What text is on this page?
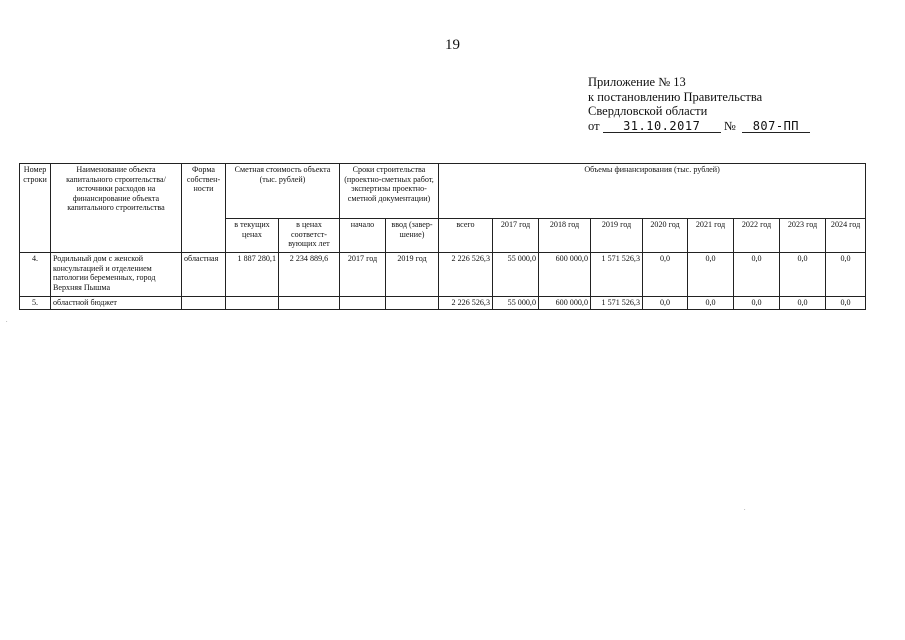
19
Приложение № 13
к постановлению Правительства
Свердловской области
от 31.10.2017 № 807-ПП
Номер строки	Наименование объекта капитального строительства/ источники расходов на финансирование объекта капитального строительства	Форма собствен-ности	Сметная стоимость объекта (тыс. рублей)		Сроки строительства (проектно-сметных работ, экспертизы проектно-сметной документации)		Объемы финансирования (тыс. рублей)								
			в текущих ценах	в ценах соответст-вующих лет	начало	ввод (завер-шение)	всего	2017 год	2018 год	2019 год	2020 год	2021 год	2022 год	2023 год	2024 год
4.	Родильный дом с женской консультацией и отделением патологии беременных, город Верхняя Пышма	областная	1 887 280,1	2 234 889,6	2017 год	2019 год	2 226 526,3	55 000,0	600 000,0	1 571 526,3	0,0	0,0	0,0	0,0	0,0
5.	областной бюджет						2 226 526,3	55 000,0	600 000,0	1 571 526,3	0,0	0,0	0,0	0,0	0,0
.
.
